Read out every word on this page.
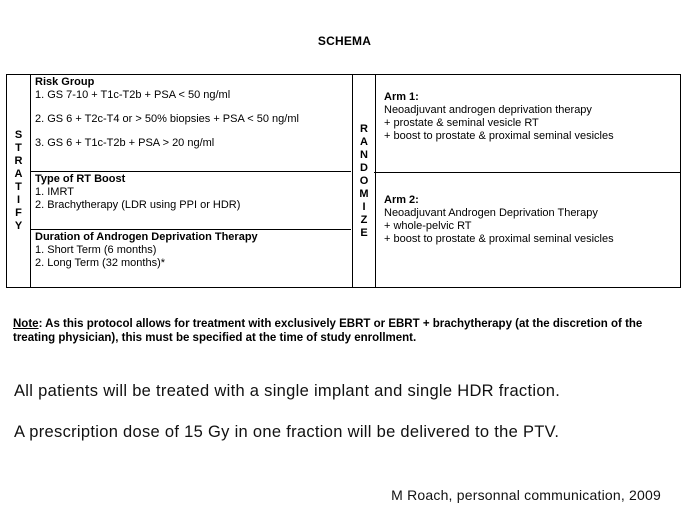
SCHEMA
S
T
R
A
T
I
F
Y
Risk Group
1. GS 7-10 + T1c-T2b + PSA < 50 ng/ml
2. GS 6 + T2c-T4 or > 50% biopsies + PSA < 50 ng/ml
3. GS 6 + T1c-T2b + PSA > 20 ng/ml
Type of RT Boost
1. IMRT
2. Brachytherapy (LDR using PPI or HDR)
Duration of Androgen Deprivation Therapy
1. Short Term (6 months)
2. Long Term (32 months)*
R
A
N
D
O
M
I
Z
E
Arm 1:
Neoadjuvant androgen deprivation therapy
+ prostate & seminal vesicle RT
+ boost to prostate & proximal seminal vesicles
Arm 2:
Neoadjuvant Androgen Deprivation Therapy
+ whole-pelvic RT
+ boost to prostate & proximal seminal vesicles
Note: As this protocol allows for treatment with exclusively EBRT or EBRT + brachytherapy (at the discretion of the treating physician), this must be specified at the time of study enrollment.
All patients will be treated with a single implant and single HDR fraction.
A prescription dose of 15 Gy in one fraction will be delivered to the PTV.
M Roach, personnal communication, 2009
